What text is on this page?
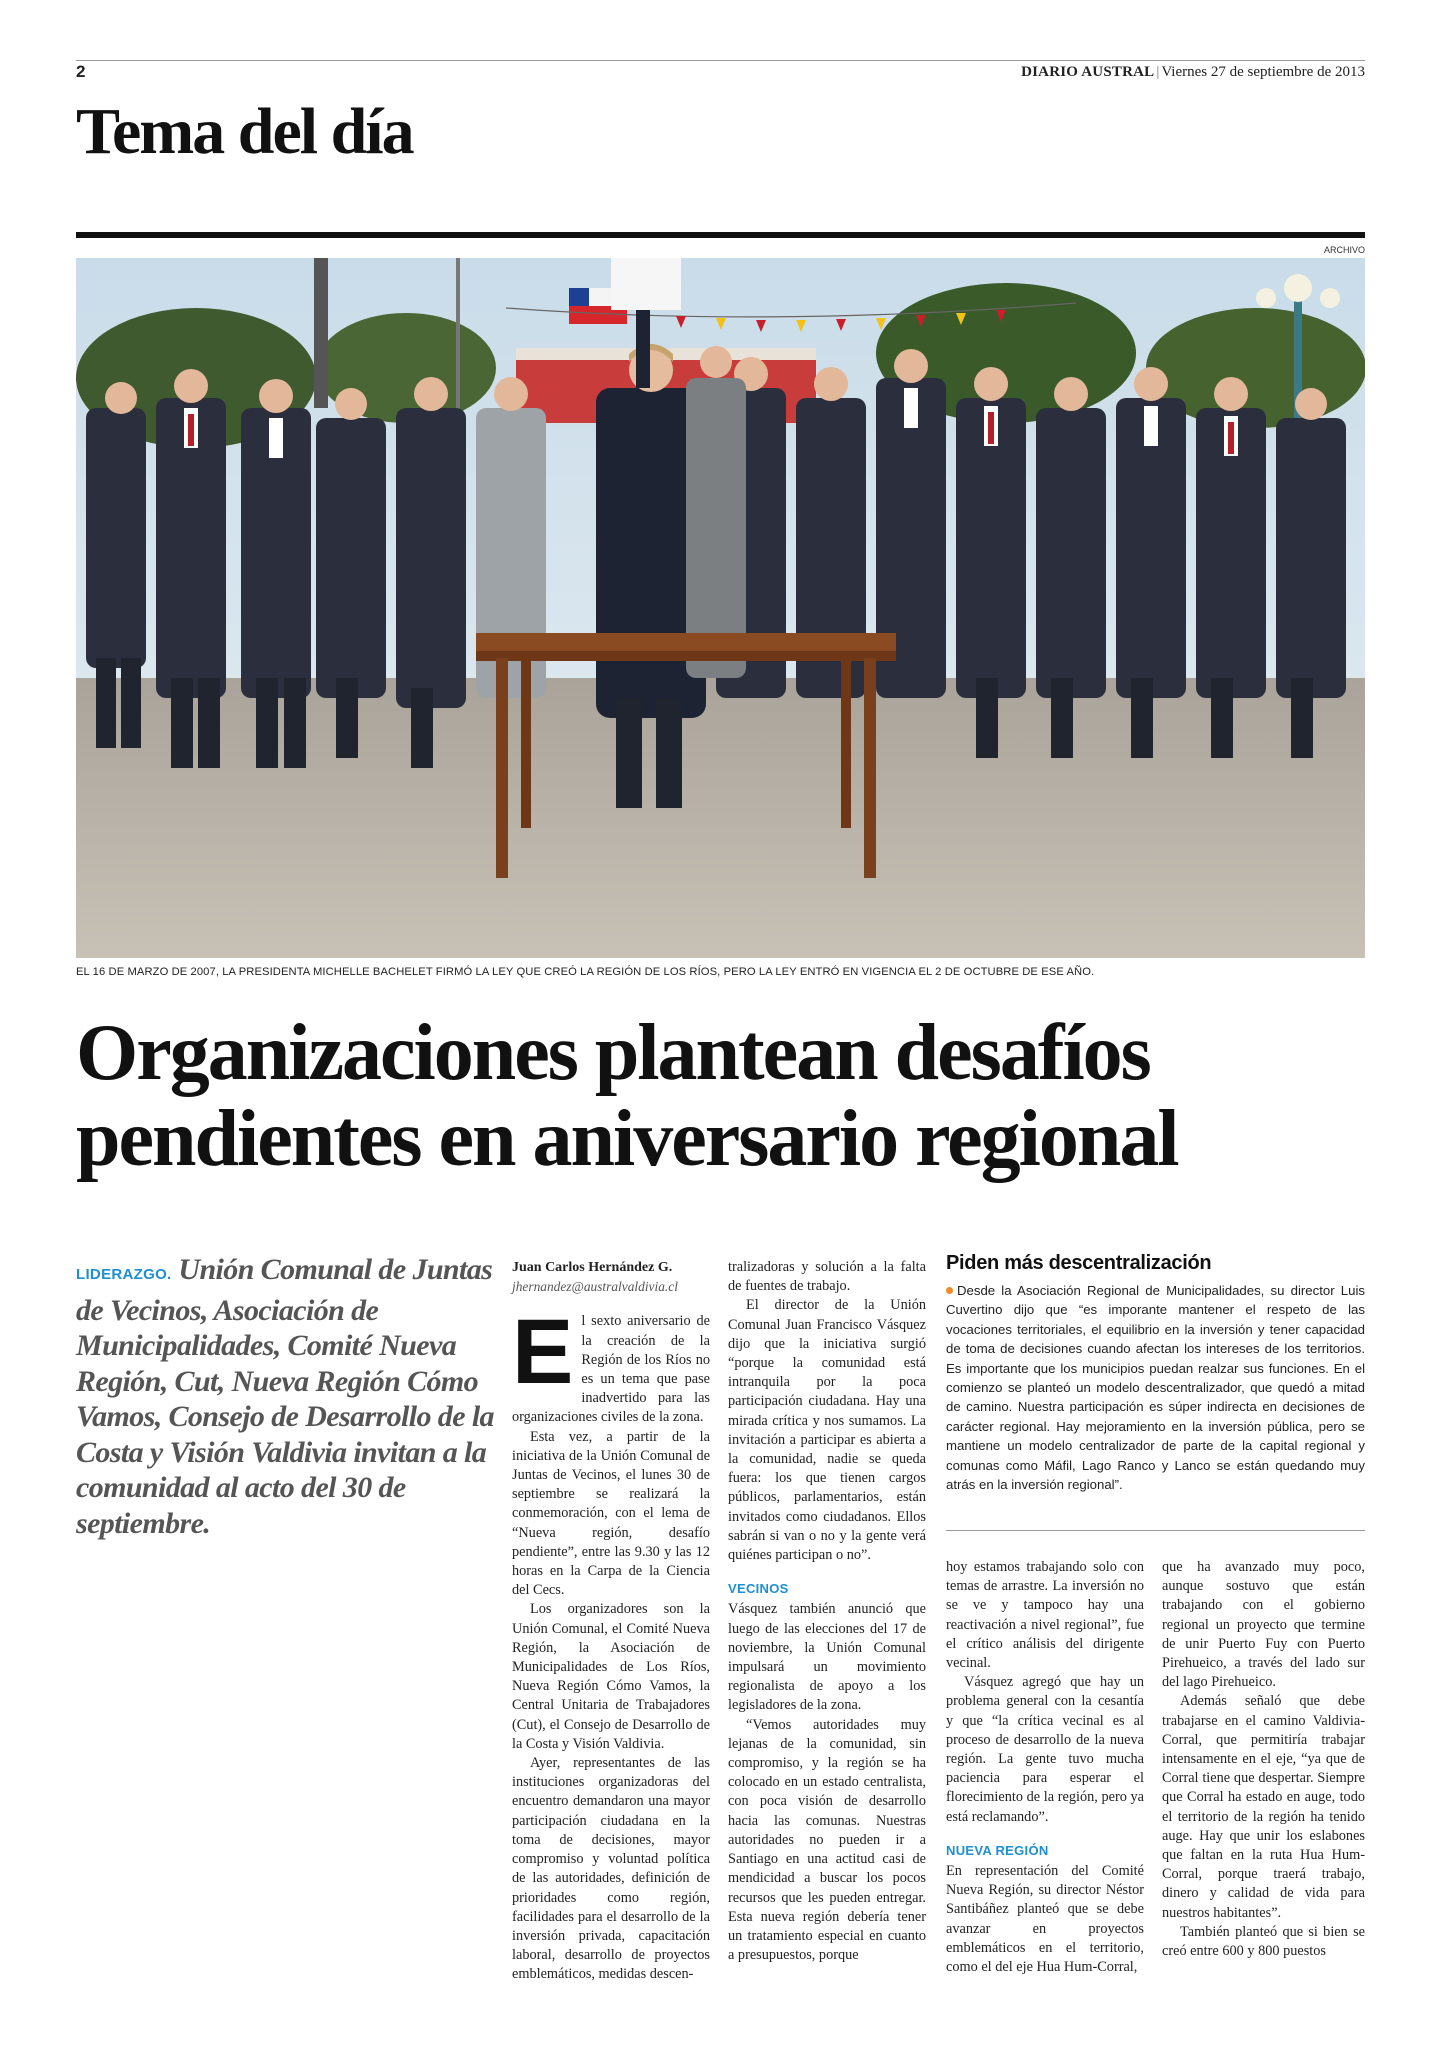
2	DIARIO AUSTRAL | Viernes 27 de septiembre de 2013
Tema del día
ARCHIVO
EL 16 DE MARZO DE 2007, LA PRESIDENTA MICHELLE BACHELET FIRMÓ LA LEY QUE CREÓ LA REGIÓN DE LOS RÍOS, PERO LA LEY ENTRÓ EN VIGENCIA EL 2 DE OCTUBRE DE ESE AÑO.
Organizaciones plantean desafíos
pendientes en aniversario regional
LIDERAZGO. Unión Comunal de Juntas de Vecinos, Asociación de Municipalidades, Comité Nueva Región, Cut, Nueva Región Cómo Vamos, Consejo de Desarrollo de la Costa y Visión Valdivia invitan a la comunidad al acto del 30 de septiembre.
Juan Carlos Hernández G.
jhernandez@australvaldivia.cl
E l sexto aniversario de la creación de la Región de los Ríos no es un tema que pase inadvertido para las organizaciones civiles de la zona.

Esta vez, a partir de la iniciativa de la Unión Comunal de Juntas de Vecinos, el lunes 30 de septiembre se realizará la conmemoración, con el lema de “Nueva región, desafío pendiente”, entre las 9.30 y las 12 horas en la Carpa de la Ciencia del Cecs.

Los organizadores son la Unión Comunal, el Comité Nueva Región, la Asociación de Municipalidades de Los Ríos, Nueva Región Cómo Vamos, la Central Unitaria de Trabajadores (Cut), el Consejo de Desarrollo de la Costa y Visión Valdivia.

Ayer, representantes de las instituciones organizadoras del encuentro demandaron una mayor participación ciudadana en la toma de decisiones, mayor compromiso y voluntad política de las autoridades, definición de prioridades como región, facilidades para el desarrollo de la inversión privada, capacitación laboral, desarrollo de proyectos emblemáticos, medidas descen-

tralizadoras y solución a la falta de fuentes de trabajo.

El director de la Unión Comunal Juan Francisco Vásquez dijo que la iniciativa surgió “porque la comunidad está intranquila por la poca participación ciudadana. Hay una mirada crítica y nos sumamos. La invitación a participar es abierta a la comunidad, nadie se queda fuera: los que tienen cargos públicos, parlamentarios, están invitados como ciudadanos. Ellos sabrán si van o no y la gente verá quiénes participan o no”.

VECINOS

Vásquez también anunció que luego de las elecciones del 17 de noviembre, la Unión Comunal impulsará un movimiento regionalista de apoyo a los legisladores de la zona.

“Vemos autoridades muy lejanas de la comunidad, sin compromiso, y la región se ha colocado en un estado centralista, con poca visión de desarrollo hacia las comunas. Nuestras autoridades no pueden ir a Santiago en una actitud casi de mendicidad a buscar los pocos recursos que les pueden entregar. Esta nueva región debería tener un tratamiento especial en cuanto a presupuestos, porque

Piden más descentralización
Desde la Asociación Regional de Municipalidades, su director Luis Cuvertino dijo que “es imporante mantener el respeto de las vocaciones territoriales, el equilibrio en la inversión y tener capacidad de toma de decisiones cuando afectan los intereses de los territorios. Es importante que los municipios puedan realzar sus funciones. En el comienzo se planteó un modelo descentralizador, que quedó a mitad de camino. Nuestra participación es súper indirecta en decisiones de carácter regional. Hay mejoramiento en la inversión pública, pero se mantiene un modelo centralizador de parte de la capital regional y comunas como Máfil, Lago Ranco y Lanco se están quedando muy atrás en la inversión regional”.

hoy estamos trabajando solo con temas de arrastre. La inversión no se ve y tampoco hay una reactivación a nivel regional”, fue el crítico análisis del dirigente vecinal.

Vásquez agregó que hay un problema general con la cesantía y que “la crítica vecinal es al proceso de desarrollo de la nueva región. La gente tuvo mucha paciencia para esperar el florecimiento de la región, pero ya está reclamando”.

NUEVA REGIÓN

En representación del Comité Nueva Región, su director Néstor Santibáñez planteó que se debe avanzar en proyectos emblemáticos en el territorio, como el del eje Hua Hum-Corral,

que ha avanzado muy poco, aunque sostuvo que están trabajando con el gobierno regional un proyecto que termine de unir Puerto Fuy con Puerto Pirehueico, a través del lado sur del lago Pirehueico.

Además señaló que debe trabajarse en el camino Valdivia-Corral, que permitiría trabajar intensamente en el eje, “ya que de Corral tiene que despertar. Siempre que Corral ha estado en auge, todo el territorio de la región ha tenido auge. Hay que unir los eslabones que faltan en la ruta Hua Hum-Corral, porque traerá trabajo, dinero y calidad de vida para nuestros habitantes”.

También planteó que si bien se creó entre 600 y 800 puestos
